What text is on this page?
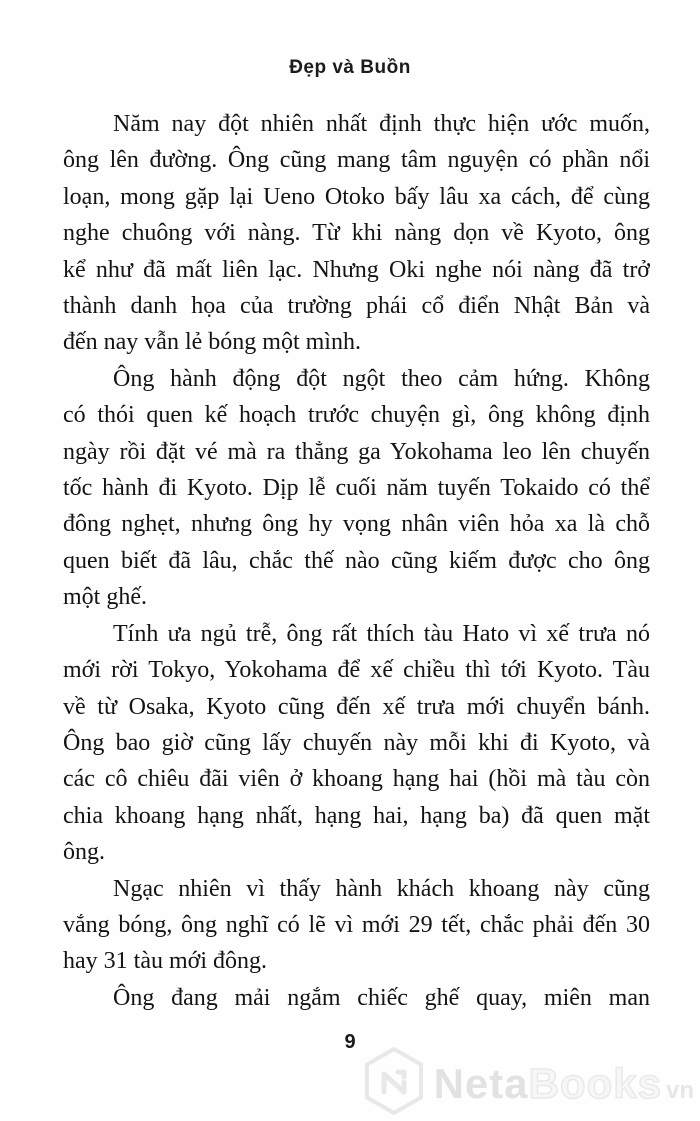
Đẹp và Buồn
Năm nay đột nhiên nhất định thực hiện ước muốn,
ông lên đường. Ông cũng mang tâm nguyện có phần nổi
loạn, mong gặp lại Ueno Otoko bấy lâu xa cách, để cùng
nghe chuông với nàng. Từ khi nàng dọn về Kyoto, ông
kể như đã mất liên lạc. Nhưng Oki nghe nói nàng đã trở
thành danh họa của trường phái cổ điển Nhật Bản và
đến nay vẫn lẻ bóng một mình.
Ông hành động đột ngột theo cảm hứng. Không
có thói quen kế hoạch trước chuyện gì, ông không định
ngày rồi đặt vé mà ra thẳng ga Yokohama leo lên chuyến
tốc hành đi Kyoto. Dịp lễ cuối năm tuyến Tokaido có thể
đông nghẹt, nhưng ông hy vọng nhân viên hỏa xa là chỗ
quen biết đã lâu, chắc thế nào cũng kiếm được cho ông
một ghế.
Tính ưa ngủ trễ, ông rất thích tàu Hato vì xế trưa nó
mới rời Tokyo, Yokohama để xế chiều thì tới Kyoto. Tàu
về từ Osaka, Kyoto cũng đến xế trưa mới chuyển bánh.
Ông bao giờ cũng lấy chuyến này mỗi khi đi Kyoto, và
các cô chiêu đãi viên ở khoang hạng hai (hồi mà tàu còn
chia khoang hạng nhất, hạng hai, hạng ba) đã quen mặt
ông.
Ngạc nhiên vì thấy hành khách khoang này cũng
vắng bóng, ông nghĩ có lẽ vì mới 29 tết, chắc phải đến 30
hay 31 tàu mới đông.
Ông đang mải ngắm chiếc ghế quay, miên man
9
Neta Books vn
